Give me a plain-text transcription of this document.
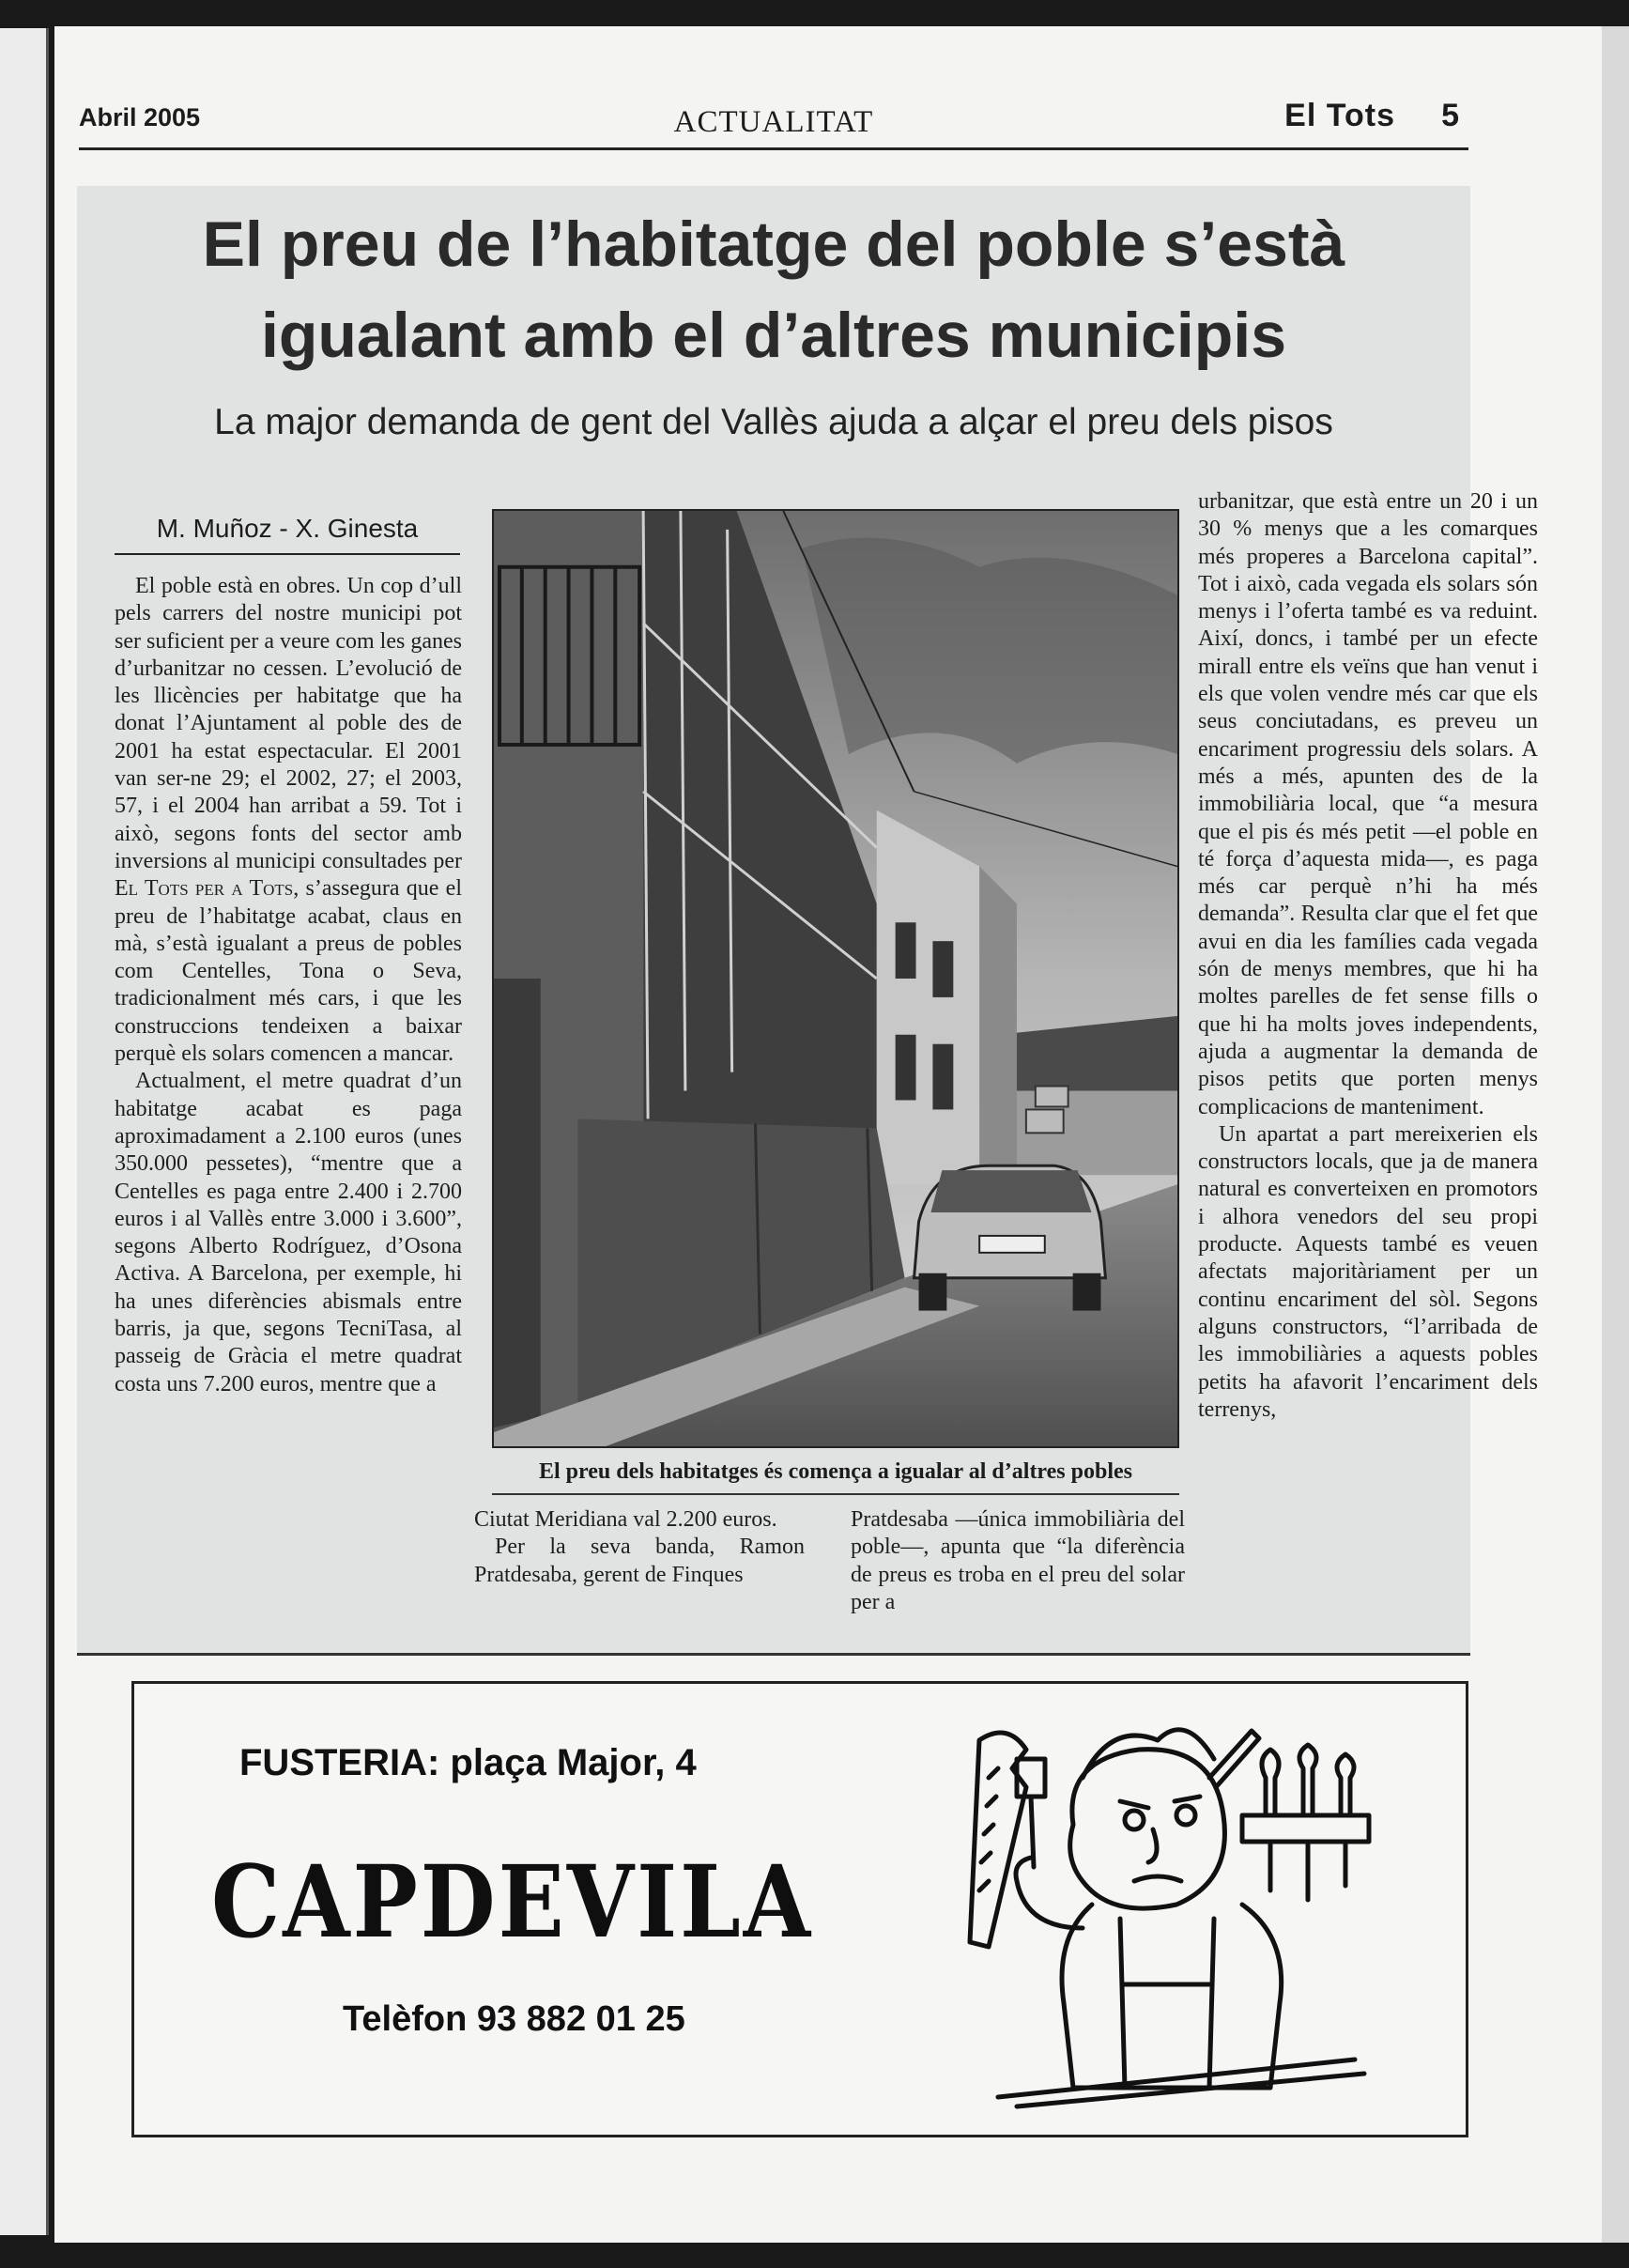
Abril 2005	ACTUALITAT	El Tots 5
El preu de l’habitatge del poble s’està
igualant amb el d’altres municipis
La major demanda de gent del Vallès ajuda a alçar el preu dels pisos
M. Muñoz - X. Ginesta

El poble està en obres. Un cop d’ull pels carrers del nostre municipi pot ser suficient per a veure com les ganes d’urbanitzar no cessen. L’evolució de les llicències per habitatge que ha donat l’Ajuntament al poble des de 2001 ha estat espectacular. El 2001 van ser-ne 29; el 2002, 27; el 2003, 57, i el 2004 han arribat a 59. Tot i això, segons fonts del sector amb inversions al municipi consultades per El Tots per a Tots, s’assegura que el preu de l’habitatge acabat, claus en mà, s’està igualant a preus de pobles com Centelles, Tona o Seva, tradicionalment més cars, i que les construccions tendeixen a baixar perquè els solars comencen a mancar.

Actualment, el metre quadrat d’un habitatge acabat es paga aproximadament a 2.100 euros (unes 350.000 pessetes), “mentre que a Centelles es paga entre 2.400 i 2.700 euros i al Vallès entre 3.000 i 3.600”, segons Alberto Rodríguez, d’Osona Activa. A Barcelona, per exemple, hi ha unes diferències abismals entre barris, ja que, segons TecniTasa, al passeig de Gràcia el metre quadrat costa uns 7.200 euros, mentre que a

El preu dels habitatges és comença a igualar al d’altres pobles

Ciutat Meridiana val 2.200 euros.

Per la seva banda, Ramon Pratdesaba, gerent de Finques

Pratdesaba —única immobiliària del poble—, apunta que “la diferència de preus es troba en el preu del solar per a

urbanitzar, que està entre un 20 i un 30 % menys que a les comarques més properes a Barcelona capital”. Tot i això, cada vegada els solars són menys i l’oferta també es va reduint. Així, doncs, i també per un efecte mirall entre els veïns que han venut i els que volen vendre més car que els seus conciutadans, es preveu un encariment progressiu dels solars. A més a més, apunten des de la immobiliària local, que “a mesura que el pis és més petit —el poble en té força d’aquesta mida—, es paga més car perquè n’hi ha més demanda”. Resulta clar que el fet que avui en dia les famílies cada vegada són de menys membres, que hi ha moltes parelles de fet sense fills o que hi ha molts joves independents, ajuda a augmentar la demanda de pisos petits que porten menys complicacions de manteniment.

Un apartat a part mereixerien els constructors locals, que ja de manera natural es converteixen en promotors i alhora venedors del seu propi producte. Aquests també es veuen afectats majoritàriament per un continu encariment del sòl. Segons alguns constructors, “l’arribada de les immobiliàries a aquests pobles petits ha afavorit l’encariment dels terrenys,

FUSTERIA: plaça Major, 4
CAPDEVILA
Telèfon 93 882 01 25
